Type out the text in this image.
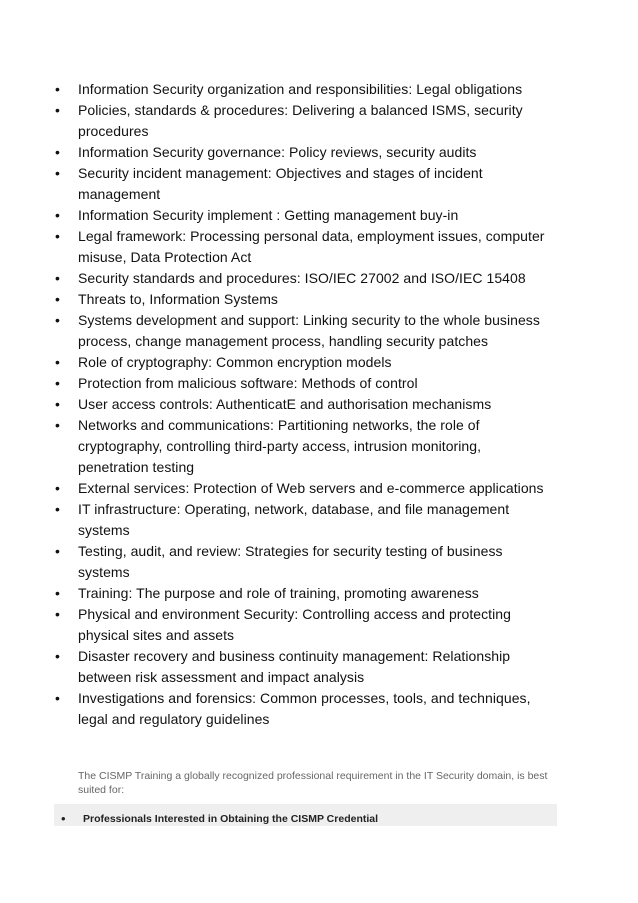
• Information Security organization and responsibilities: Legal obligations
• Policies, standards & procedures: Delivering a balanced ISMS, security procedures
• Information Security governance: Policy reviews, security audits
• Security incident management: Objectives and stages of incident management
• Information Security implement : Getting management buy-in
• Legal framework: Processing personal data, employment issues, computer misuse, Data Protection Act
• Security standards and procedures: ISO/IEC 27002 and ISO/IEC 15408
• Threats to, Information Systems
• Systems development and support: Linking security to the whole business process, change management process, handling security patches
• Role of cryptography: Common encryption models
• Protection from malicious software: Methods of control
• User access controls: AuthenticatE and authorisation mechanisms
• Networks and communications: Partitioning networks, the role of cryptography, controlling third-party access, intrusion monitoring, penetration testing
• External services: Protection of Web servers and e-commerce applications
• IT infrastructure: Operating, network, database, and file management systems
• Testing, audit, and review: Strategies for security testing of business systems
• Training: The purpose and role of training, promoting awareness
• Physical and environment Security: Controlling access and protecting physical sites and assets
• Disaster recovery and business continuity management: Relationship between risk assessment and impact analysis
• Investigations and forensics: Common processes, tools, and techniques, legal and regulatory guidelines

The CISMP Training a globally recognized professional requirement in the IT Security domain, is best suited for:

• Professionals Interested in Obtaining the CISMP Credential
